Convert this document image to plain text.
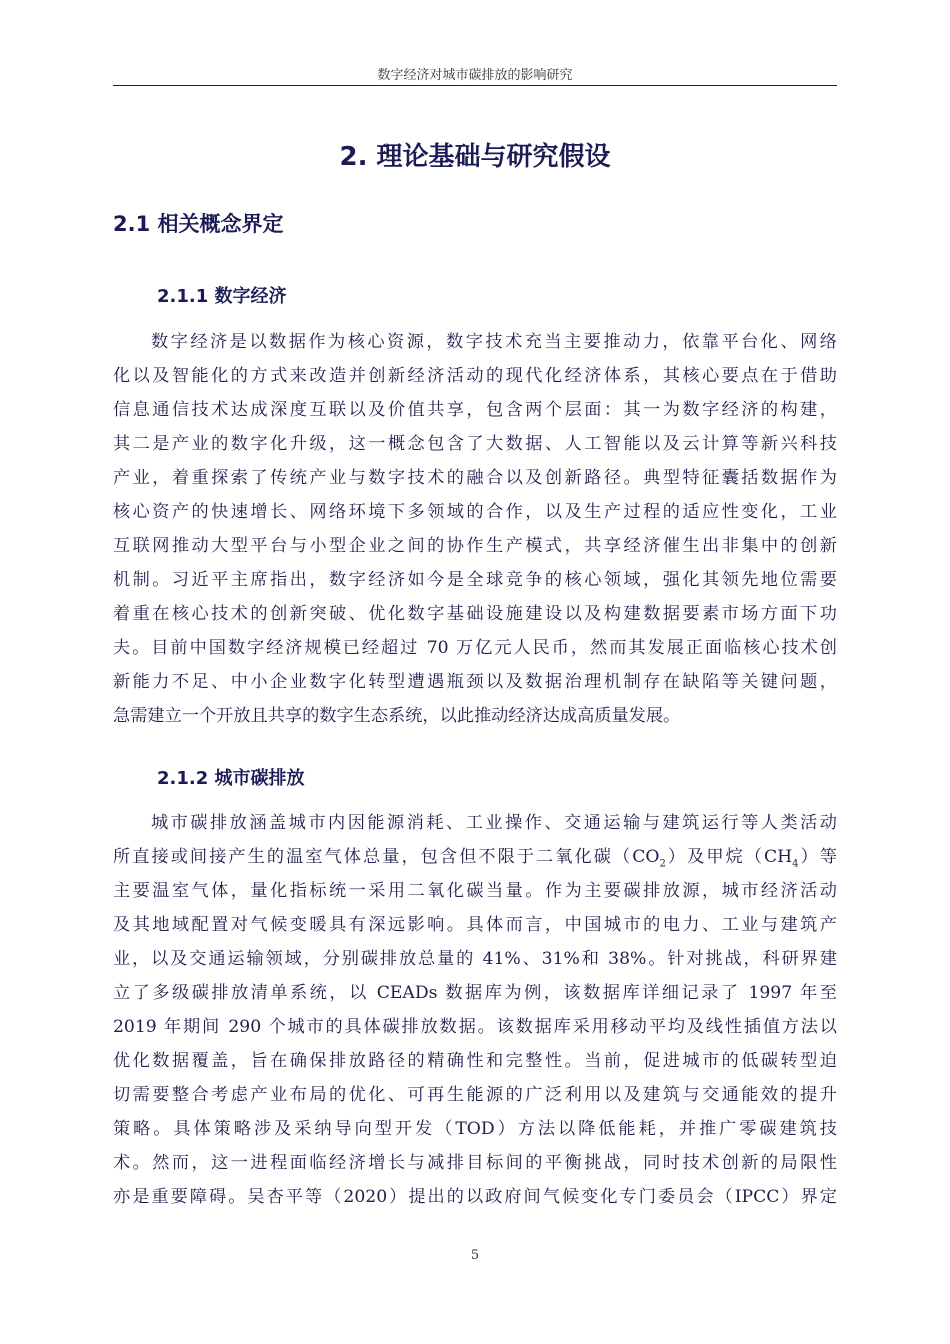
数字经济对城市碳排放的影响研究
2. 理论基础与研究假设
2.1 相关概念界定
2.1.1 数字经济
数字经济是以数据作为核心资源，数字技术充当主要推动力，依靠平台化、网络
化以及智能化的方式来改造并创新经济活动的现代化经济体系，其核心要点在于借助
信息通信技术达成深度互联以及价值共享，包含两个层面：其一为数字经济的构建，
其二是产业的数字化升级，这一概念包含了大数据、人工智能以及云计算等新兴科技
产业，着重探索了传统产业与数字技术的融合以及创新路径。典型特征囊括数据作为
核心资产的快速增长、网络环境下多领域的合作，以及生产过程的适应性变化，工业
互联网推动大型平台与小型企业之间的协作生产模式，共享经济催生出非集中的创新
机制。习近平主席指出，数字经济如今是全球竞争的核心领域，强化其领先地位需要
着重在核心技术的创新突破、优化数字基础设施建设以及构建数据要素市场方面下功
夫。目前中国数字经济规模已经超过 70 万亿元人民币，然而其发展正面临核心技术创
新能力不足、中小企业数字化转型遭遇瓶颈以及数据治理机制存在缺陷等关键问题，
急需建立一个开放且共享的数字生态系统，以此推动经济达成高质量发展。
2.1.2 城市碳排放
城市碳排放涵盖城市内因能源消耗、工业操作、交通运输与建筑运行等人类活动
所直接或间接产生的温室气体总量，包含但不限于二氧化碳$(CO_2)$及甲烷$(CH_4)$等
主要温室气体，量化指标统一采用二氧化碳当量。作为主要碳排放源，城市经济活动
及其地域配置对气候变暖具有深远影响。具体而言，中国城市的电力、工业与建筑产
业，以及交通运输领域，分别碳排放总量的 41%、31%和 38%。针对挑战，科研界建
立了多级碳排放清单系统，以 CEADs 数据库为例，该数据库详细记录了 1997 年至
2019 年期间 290 个城市的具体碳排放数据。该数据库采用移动平均及线性插值方法以
优化数据覆盖，旨在确保排放路径的精确性和完整性。当前，促进城市的低碳转型迫
切需要整合考虑产业布局的优化、可再生能源的广泛利用以及建筑与交通能效的提升
策略。具体策略涉及采纳导向型开发（TOD）方法以降低能耗，并推广零碳建筑技
术。然而，这一进程面临经济增长与减排目标间的平衡挑战，同时技术创新的局限性
亦是重要障碍。吴杏平等（2020）提出的以政府间气候变化专门委员会（IPCC）界定
5
